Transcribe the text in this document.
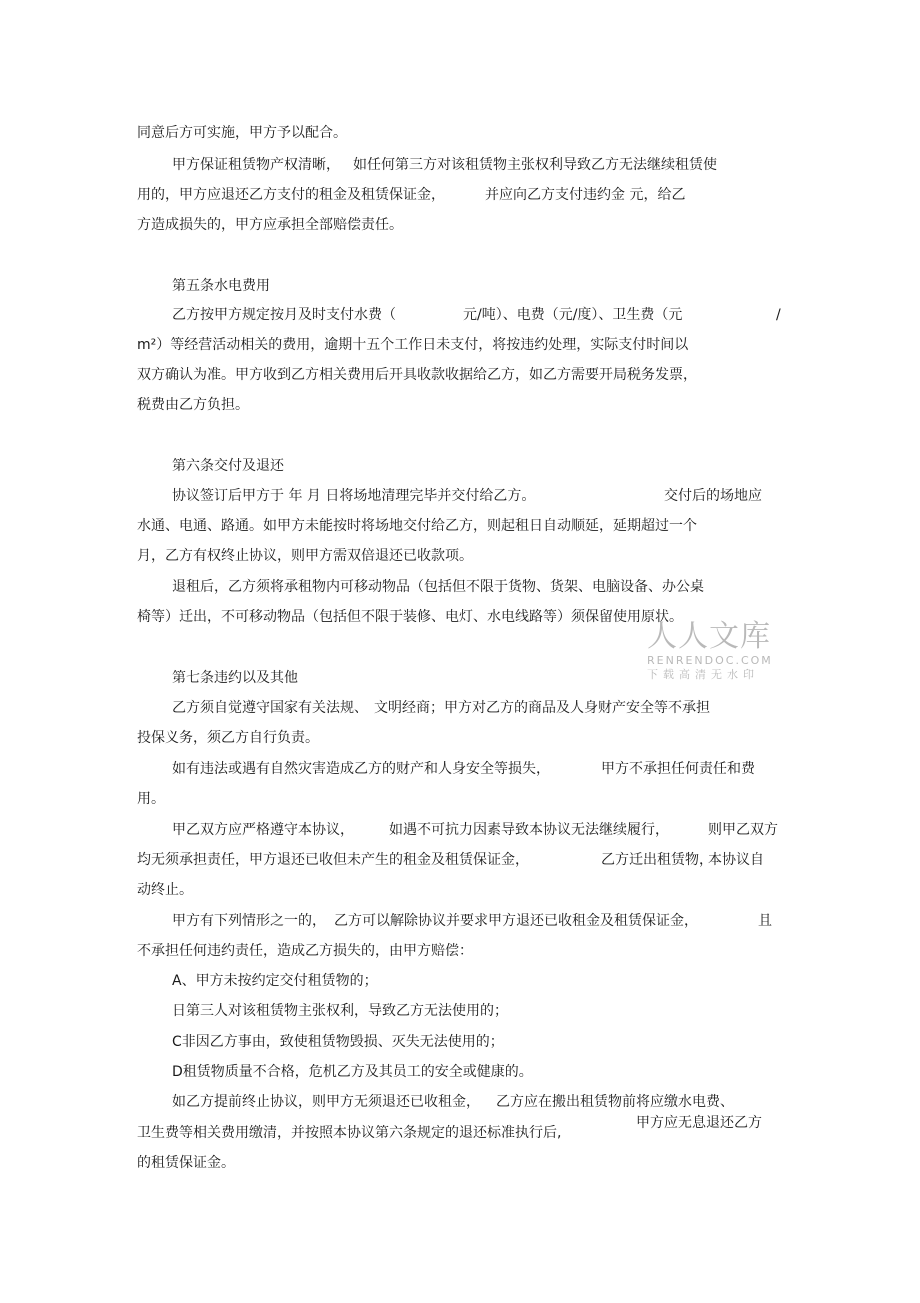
同意后方可实施，甲方予以配合。
甲方保证租赁物产权清晰， 如任何第三方对该租赁物主张权利导致乙方无法继续租赁使
用的，甲方应退还乙方支付的租金及租赁保证金，	并应向乙方支付违约金 元，给乙
方造成损失的，甲方应承担全部赔偿责任。
第五条水电费用
乙方按甲方规定按月及时支付水费（	元/吨）、电费（元/度）、卫生费（元	/
m²）等经营活动相关的费用，逾期十五个工作日未支付，将按违约处理，实际支付时间以
双方确认为准。甲方收到乙方相关费用后开具收款收据给乙方，如乙方需要开局税务发票，
税费由乙方负担。
第六条交付及退还
协议签订后甲方于 年 月 日将场地清理完毕并交付给乙方。	交付后的场地应
水通、电通、路通。如甲方未能按时将场地交付给乙方，则起租日自动顺延，延期超过一个
月，乙方有权终止协议，则甲方需双倍退还已收款项。
退租后，乙方须将承租物内可移动物品（包括但不限于货物、货架、电脑设备、办公桌
椅等）迁出，不可移动物品（包括但不限于装修、电灯、水电线路等）须保留使用原状。
人人文库
RENRENDOC.COM
下载高清无水印
第七条违约以及其他
乙方须自觉遵守国家有关法规、 文明经商；甲方对乙方的商品及人身财产安全等不承担
投保义务，须乙方自行负责。
如有违法或遇有自然灾害造成乙方的财产和人身安全等损失，	甲方不承担任何责任和费
用。
甲乙双方应严格遵守本协议，	如遇不可抗力因素导致本协议无法继续履行，	则甲乙双方
均无须承担责任，甲方退还已收但未产生的租金及租赁保证金，	乙方迁出租赁物，
本协议自
动终止。
甲方有下列情形之一的， 乙方可以解除协议并要求甲方退还已收租金及租赁保证金，	且
不承担任何违约责任，造成乙方损失的，由甲方赔偿：
A、甲方未按约定交付租赁物的；
日第三人对该租赁物主张权利，导致乙方无法使用的；
C非因乙方事由，致使租赁物毁损、灭失无法使用的；
D租赁物质量不合格，危机乙方及其员工的安全或健康的。
如乙方提前终止协议，则甲方无须退还已收租金， 乙方应在搬出租赁物前将应缴水电费、
卫生费等相关费用缴清，并按照本协议第六条规定的退还标准执行后,
甲方应无息退还乙方
的租赁保证金。
